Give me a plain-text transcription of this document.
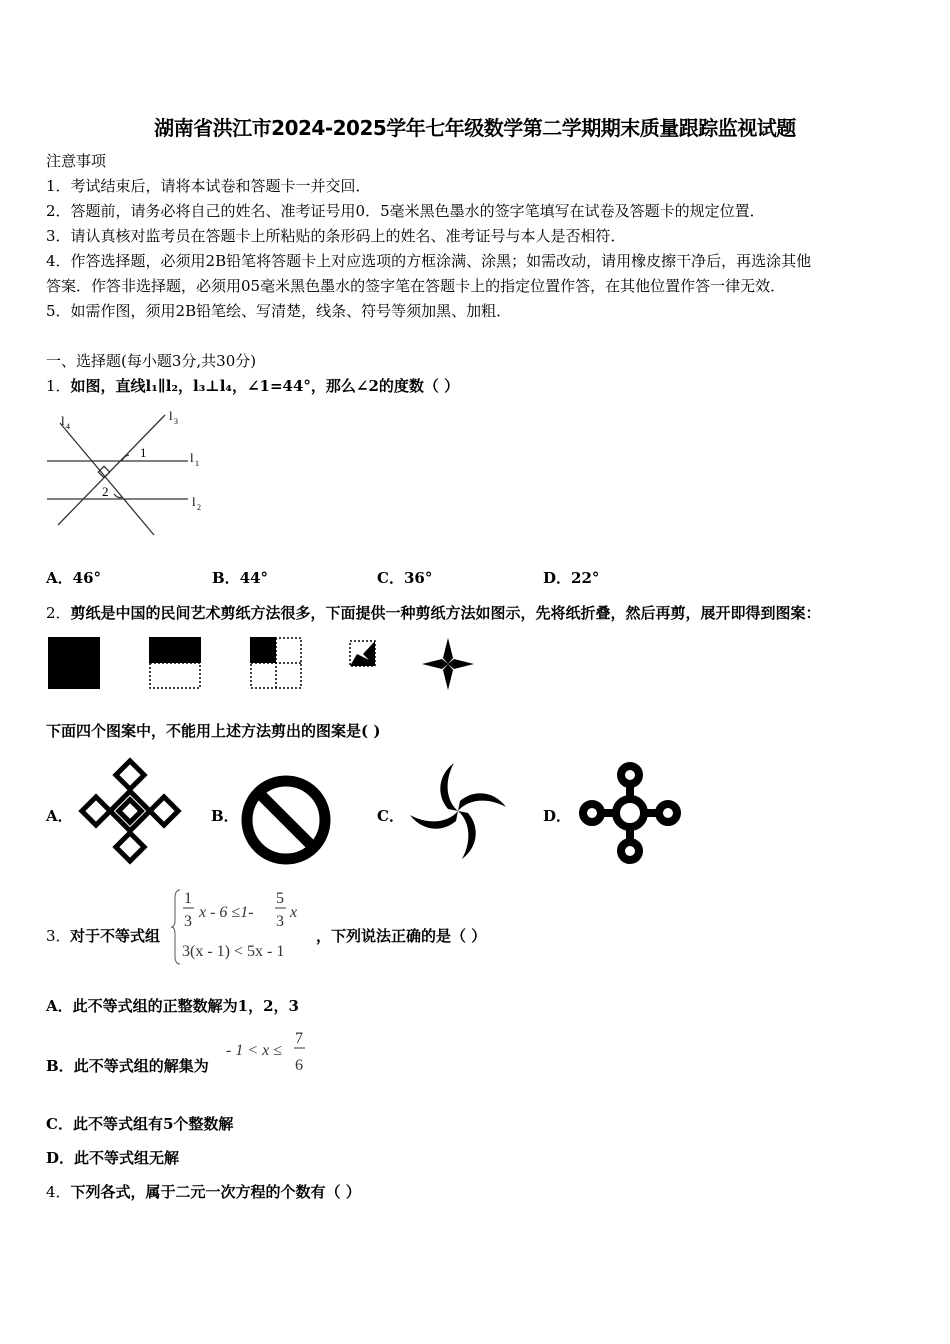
湖南省洪江市2024-2025学年七年级数学第二学期期末质量跟踪监视试题
注意事项
1．考试结束后，请将本试卷和答题卡一并交回．
2．答题前，请务必将自己的姓名、准考证号用0．5毫米黑色墨水的签字笔填写在试卷及答题卡的规定位置．
3．请认真核对监考员在答题卡上所粘贴的条形码上的姓名、准考证号与本人是否相符．
4．作答选择题，必须用2B铅笔将答题卡上对应选项的方框涂满、涂黑；如需改动，请用橡皮擦干净后，再选涂其他
答案．作答非选择题，必须用05毫米黑色墨水的签字笔在答题卡上的指定位置作答，在其他位置作答一律无效．
5．如需作图，须用2B铅笔绘、写清楚，线条、符号等须加黑、加粗．
一、选择题(每小题3分,共30分)
1．如图，直线l₁∥l₂，l₃⊥l₄，∠1=44°，那么∠2的度数（ ）
l 4
l 3
l 1
l 2
1
2
A．46°	B．44°	C．36°	D．22°
2．剪纸是中国的民间艺术剪纸方法很多，下面提供一种剪纸方法如图示，先将纸折叠，然后再剪，展开即得到图案：
下面四个图案中，不能用上述方法剪出的图案是( )
A．	B．	C．	D．
3． 对于不等式组
1
3
x - 6 ≤1-
5
3
x
3(x - 1) < 5x - 1
，下列说法正确的是（ ）
A．此不等式组的正整数解为1，2，3
B．此不等式组的解集为
- 1 < x ≤
7
6
C．此不等式组有5个整数解
D．此不等式组无解
4．下列各式，属于二元一次方程的个数有（ ）
